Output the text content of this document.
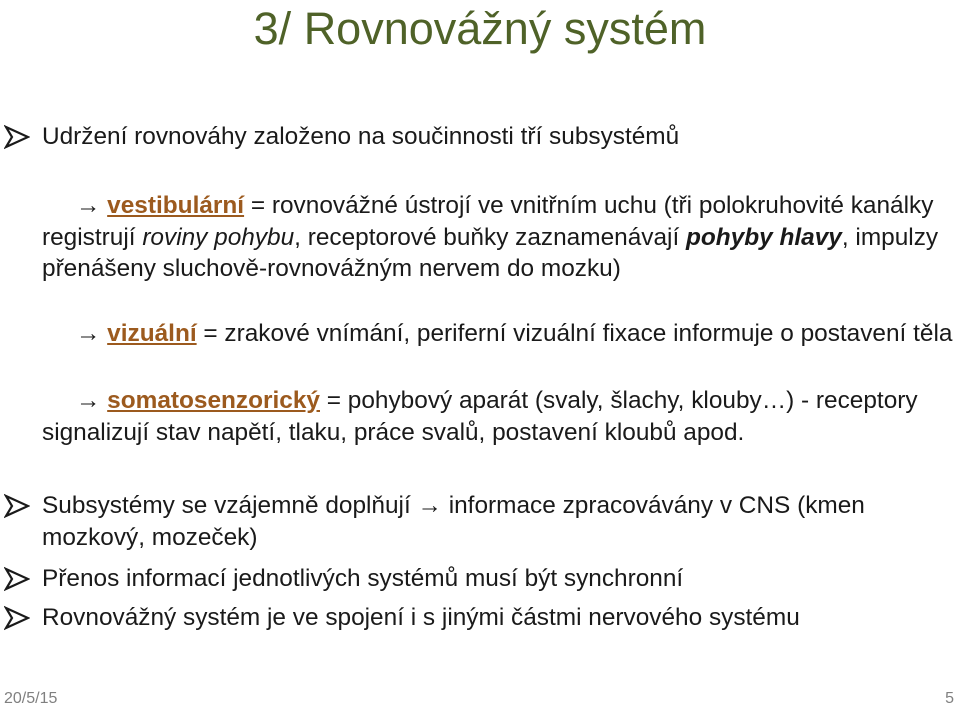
3/ Rovnovážný systém
Udržení rovnováhy založeno na součinnosti tří subsystémů
→ vestibulární = rovnovážné ústrojí ve vnitřním uchu (tři polokruhovité kanálky registrují roviny pohybu, receptorové buňky zaznamenávají pohyby hlavy, impulzy přenášeny sluchově-rovnovážným nervem do mozku)
→ vizuální = zrakové vnímání, periferní vizuální fixace informuje o postavení těla
→ somatosenzorický = pohybový aparát (svaly, šlachy, klouby…) - receptory signalizují stav napětí, tlaku, práce svalů, postavení kloubů apod.
Subsystémy se vzájemně doplňují → informace zpracovávány v CNS (kmen mozkový, mozeček)
Přenos informací jednotlivých systémů musí být synchronní
Rovnovážný systém je ve spojení i s jinými částmi nervového systému
20/5/15	5
